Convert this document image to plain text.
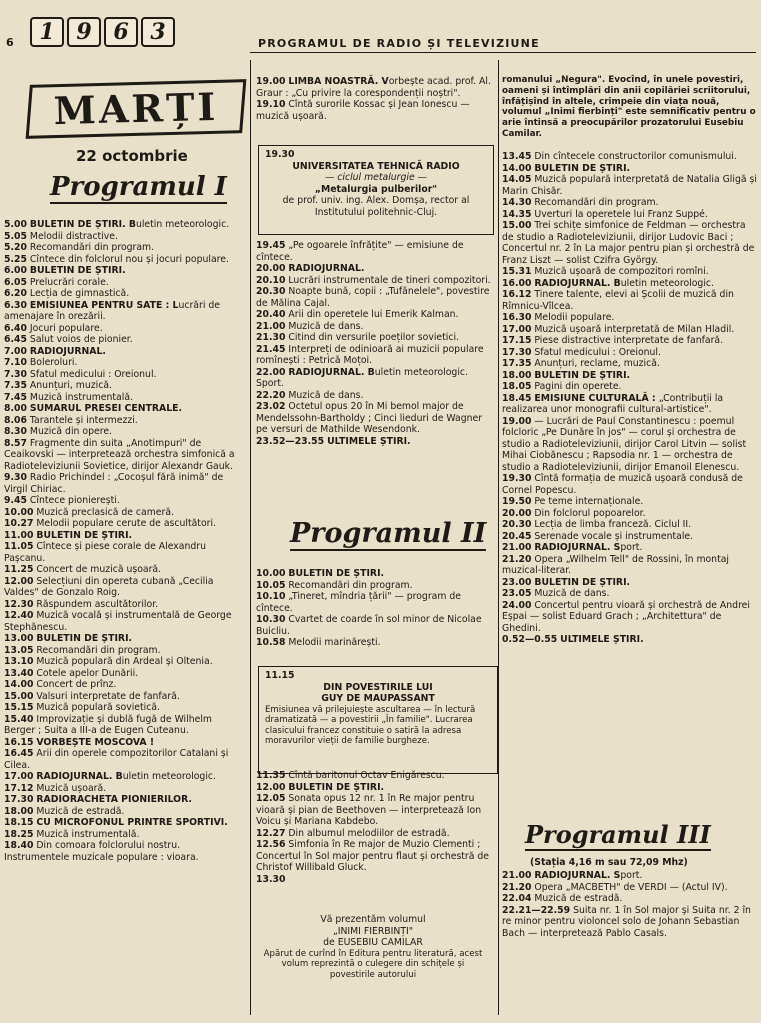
1 9 6 3
6	PROGRAMUL DE RADIO ȘI TELEVIZIUNE
MARȚI
22 octombrie
Programul I

5.00 BULETIN DE ȘTIRI. Buletin meteorologic.

5.05 Melodii distractive.

5.20 Recomandări din program.

5.25 Cîntece din folclorul nou și jocuri populare.

6.00 BULETIN DE ȘTIRI.

6.05 Prelucrări corale.

6.20 Lecția de gimnastică.

6.30 EMISIUNEA PENTRU SATE : Lucrări de amenajare în orezării.

6.40 Jocuri populare.

6.45 Salut voios de pionier.

7.00 RADIOJURNAL.

7.10 Boleroluri.

7.30 Sfatul medicului : Oreionul.

7.35 Anunțuri, muzică.

7.45 Muzică instrumentală.

8.00 SUMARUL PRESEI CENTRALE.

8.06 Tarantele și intermezzi.

8.30 Muzică din opere.

8.57 Fragmente din suita „Anotimpuri" de Ceaikovski — interpretează orchestra simfonică a Radioteleviziunii Sovietice, dirijor Alexandr Gauk.

9.30 Radio Prichindel : „Cocoșul fără inimă" de Virgil Chiriac.

9.45 Cîntece pionierești.

10.00 Muzică preclasică de cameră.

10.27 Melodii populare cerute de ascultători.

11.00 BULETIN DE ȘTIRI.

11.05 Cîntece și piese corale de Alexandru Pașcanu.

11.25 Concert de muzică ușoară.

12.00 Selecțiuni din opereta cubană „Cecilia Valdes" de Gonzalo Roig.

12.30 Răspundem ascultătorilor.

12.40 Muzică vocală și instrumentală de George Stephănescu.

13.00 BULETIN DE ȘTIRI.

13.05 Recomandări din program.

13.10 Muzică populară din Ardeal și Oltenia.

13.40 Cotele apelor Dunării.

14.00 Concert de prînz.

15.00 Valsuri interpretate de fanfară.

15.15 Muzică populară sovietică.

15.40 Improvizație și dublă fugă de Wilhelm Berger ; Suita a III-a de Eugen Cuteanu.

16.15 VORBEȘTE MOSCOVA !

16.45 Arii din operele compozitorilor Catalani și Cilea.

17.00 RADIOJURNAL. Buletin meteorologic.

17.12 Muzică ușoară.

17.30 RADIORACHETA PIONIERILOR.

18.00 Muzică de estradă.

18.15 CU MICROFONUL PRINTRE SPORTIVI.

18.25 Muzică instrumentală.

18.40 Din comoara folclorului nostru. Instrumentele muzicale populare : vioara.

19.00 LIMBA NOASTRĂ. Vorbește acad. prof. Al. Graur : „Cu privire la corespondenții noștri".

19.10 Cîntă surorile Kossac și Jean Ionescu — muzică ușoară.

19.30
UNIVERSITATEA TEHNICĂ RADIO
— ciclul metalurgie —
„Metalurgia pulberilor"
de prof. univ. ing. Alex. Domșa, rector al Institutului politehnic-Cluj.

19.45 „Pe ogoarele înfrățite" — emisiune de cîntece.

20.00 RADIOJURNAL.

20.10 Lucrări instrumentale de tineri compozitori.

20.30 Noapte bună, copii : „Tufănelele", povestire de Mălina Cajal.

20.40 Arii din operetele lui Emerik Kalman.

21.00 Muzică de dans.

21.30 Citind din versurile poeților sovietici.

21.45 Interpreți de odinioară ai muzicii populare romînești : Petrică Moțoi.

22.00 RADIOJURNAL. Buletin meteorologic. Sport.

22.20 Muzică de dans.

23.02 Octetul opus 20 în Mi bemol major de Mendelssohn-Bartholdy ; Cinci lieduri de Wagner pe versuri de Mathilde Wesendonk.

23.52—23.55 ULTIMELE ȘTIRI.

Programul II

10.00 BULETIN DE ȘTIRI.

10.05 Recomandări din program.

10.10 „Tineret, mîndria țării" — program de cîntece.

10.30 Cvartet de coarde în sol minor de Nicolae Buicliu.

10.58 Melodii marinărești.

11.15
DIN POVESTIRILE LUI
GUY DE MAUPASSANT
Emisiunea vă prilejuiește ascultarea — în lectură dramatizată — a povestirii „În familie". Lucrarea clasicului francez constituie o satiră la adresa moravurilor vieții de familie burgheze.

11.35 Cîntă baritonul Octav Enigărescu.

12.00 BULETIN DE ȘTIRI.

12.05 Sonata opus 12 nr. 1 în Re major pentru vioară și pian de Beethoven — interpretează Ion Voicu și Mariana Kabdebo.

12.27 Din albumul melodiilor de estradă.

12.56 Simfonia în Re major de Muzio Clementi ; Concertul în Sol major pentru flaut și orchestră de Christof Willibald Gluck.

13.30

Vă prezentăm volumul
„INIMI FIERBINȚI"
de EUSEBIU CAMILAR
Apărut de curînd în Editura pentru literatură, acest volum reprezintă o culegere din schițele și povestirile autorului
romanului „Negura". Evocînd, în unele povestiri, oameni și întîmplări din anii copilăriei scriitorului, înfățișînd în altele, crimpeie din viața nouă, volumul „Inimi fierbinți" este semnificativ pentru o arie întinsă a preocupărilor prozatorului Eusebiu Camilar.

13.45 Din cîntecele constructorilor comunismului.

14.00 BULETIN DE ȘTIRI.

14.05 Muzică populară interpretată de Natalia Gligă și Marin Chisăr.

14.30 Recomandări din program.

14.35 Uverturi la operetele lui Franz Suppé.

15.00 Trei schițe simfonice de Feldman — orchestra de studio a Radioteleviziunii, dirijor Ludovic Baci ; Concertul nr. 2 în La major pentru pian și orchestră de Franz Liszt — solist Czifra György.

15.31 Muzică ușoară de compozitori romîni.

16.00 RADIOJURNAL. Buletin meteorologic.

16.12 Tinere talente, elevi ai Școlii de muzică din Rîmnicu-Vîlcea.

16.30 Melodii populare.

17.00 Muzică ușoară interpretată de Milan Hladil.

17.15 Piese distractive interpretate de fanfară.

17.30 Sfatul medicului : Oreionul.

17.35 Anunțuri, reclame, muzică.

18.00 BULETIN DE ȘTIRI.

18.05 Pagini din operete.

18.45 EMISIUNE CULTURALĂ : „Contribuții la realizarea unor monografii cultural-artistice".

19.00 — Lucrări de Paul Constantinescu : poemul folcloric „Pe Dunăre în jos" — corul și orchestra de studio a Radioteleviziunii, dirijor Carol Litvin — solist Mihai Ciobănescu ; Rapsodia nr. 1 — orchestra de studio a Radioteleviziunii, dirijor Emanoil Elenescu.

19.30 Cîntă formația de muzică ușoară condusă de Cornel Popescu.

19.50 Pe teme internaționale.

20.00 Din folclorul popoarelor.

20.30 Lecția de limba franceză. Ciclul II.

20.45 Serenade vocale și instrumentale.

21.00 RADIOJURNAL. Sport.

21.20 Opera „Wilhelm Tell" de Rossini, în montaj muzical-literar.

23.00 BULETIN DE ȘTIRI.

23.05 Muzică de dans.

24.00 Concertul pentru vioară și orchestră de Andrei Eșpai — solist Eduard Grach ; „Architettura" de Ghedini.

0.52—0.55 ULTIMELE ȘTIRI.

Programul III
(Stația 4,16 m sau 72,09 Mhz)

21.00 RADIOJURNAL. Sport.

21.20 Opera „MACBETH" de VERDI — (Actul IV).

22.04 Muzică de estradă.

22.21—22.59 Suita nr. 1 în Sol major și Suita nr. 2 în re minor pentru violoncel solo de Johann Sebastian Bach — interpretează Pablo Casals.
